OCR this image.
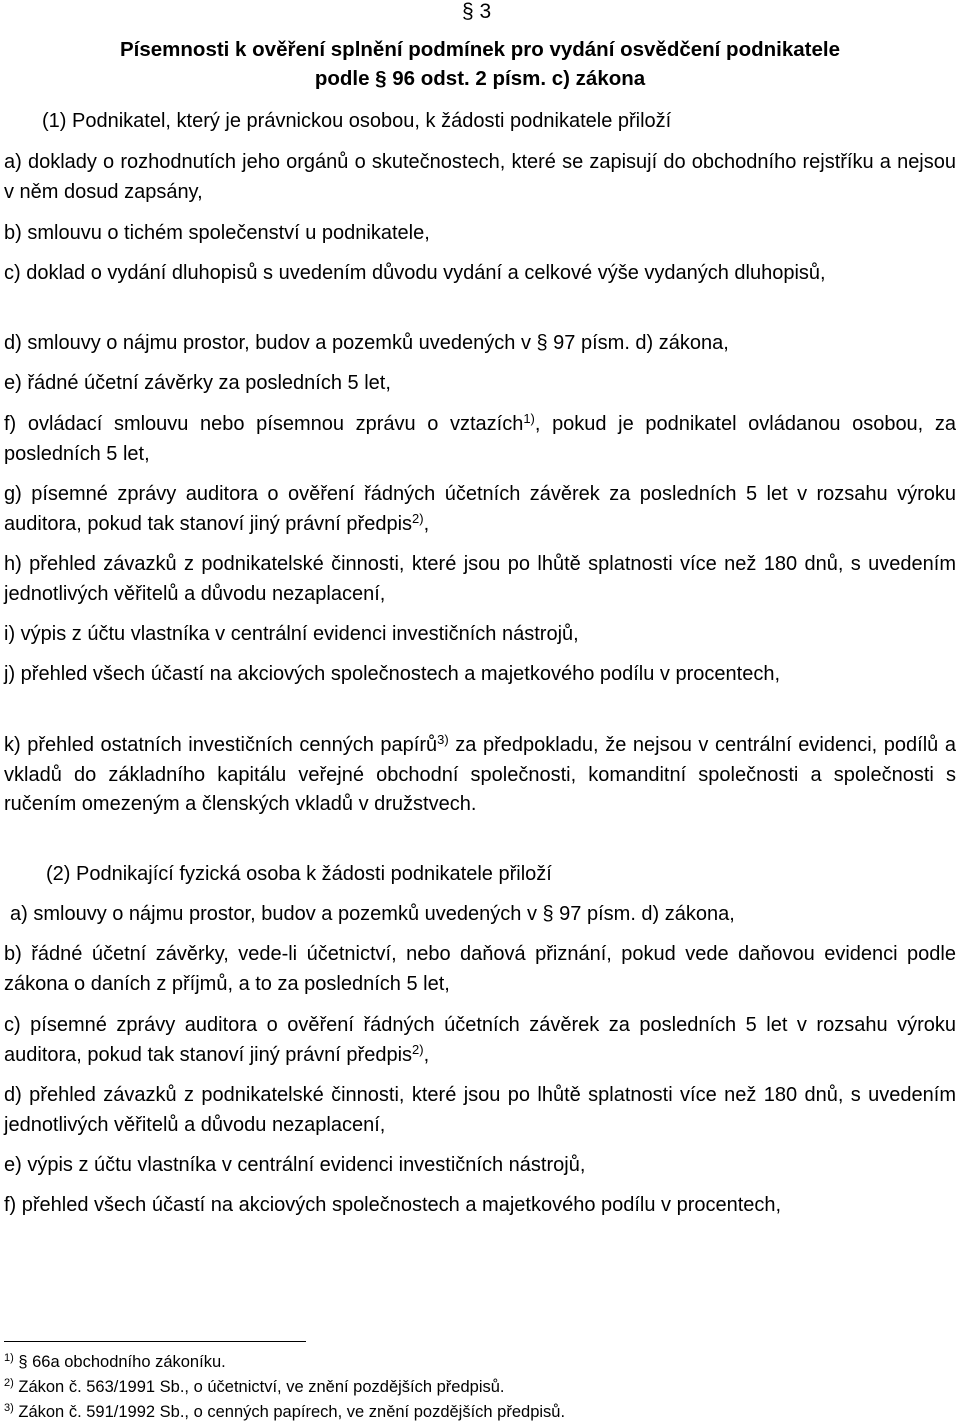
§ 3

Písemnosti k ověření splnění podmínek pro vydání osvědčení podnikatele
podle § 96 odst. 2 písm. c) zákona

(1) Podnikatel, který je právnickou osobou, k žádosti podnikatele přiloží

a) doklady o rozhodnutích jeho orgánů o skutečnostech, které se zapisují do obchodního rejstříku a nejsou v něm dosud zapsány,

b) smlouvu o tichém společenství u podnikatele,

c) doklad o vydání dluhopisů s uvedením důvodu vydání a celkové výše vydaných dluhopisů,

d) smlouvy o nájmu prostor, budov a pozemků uvedených v § 97 písm. d) zákona,

e) řádné účetní závěrky za posledních 5 let,

f) ovládací smlouvu nebo písemnou zprávu o vztazích$^{1)}$, pokud je podnikatel ovládanou osobou, za posledních 5 let,

g) písemné zprávy auditora o ověření řádných účetních závěrek za posledních 5 let v rozsahu výroku auditora, pokud tak stanoví jiný právní předpis$^{2)}$,

h) přehled závazků z podnikatelské činnosti, které jsou po lhůtě splatnosti více než 180 dnů, s uvedením jednotlivých věřitelů a důvodu nezaplacení,

i) výpis z účtu vlastníka v centrální evidenci investičních nástrojů,

j) přehled všech účastí na akciových společnostech a majetkového podílu v procentech,

k) přehled ostatních investičních cenných papírů$^{3)}$ za předpokladu, že nejsou v centrální evidenci, podílů a vkladů do základního kapitálu veřejné obchodní společnosti, komanditní společnosti a společnosti s ručením omezeným a členských vkladů v družstvech.

(2) Podnikající fyzická osoba k žádosti podnikatele přiloží

a) smlouvy o nájmu prostor, budov a pozemků uvedených v § 97 písm. d) zákona,

b) řádné účetní závěrky, vede-li účetnictví, nebo daňová přiznání, pokud vede daňovou evidenci podle zákona o daních z příjmů, a to za posledních 5 let,

c) písemné zprávy auditora o ověření řádných účetních závěrek za posledních 5 let v rozsahu výroku auditora, pokud tak stanoví jiný právní předpis$^{2)}$,

d) přehled závazků z podnikatelské činnosti, které jsou po lhůtě splatnosti více než 180 dnů, s uvedením jednotlivých věřitelů a důvodu nezaplacení,

e) výpis z účtu vlastníka v centrální evidenci investičních nástrojů,

f) přehled všech účastí na akciových společnostech a majetkového podílu v procentech,

$^{1)}$ § 66a obchodního zákoníku.

$^{2)}$ Zákon č. 563/1991 Sb., o účetnictví, ve znění pozdějších předpisů.

$^{3)}$ Zákon č. 591/1992 Sb., o cenných papírech, ve znění pozdějších předpisů.
